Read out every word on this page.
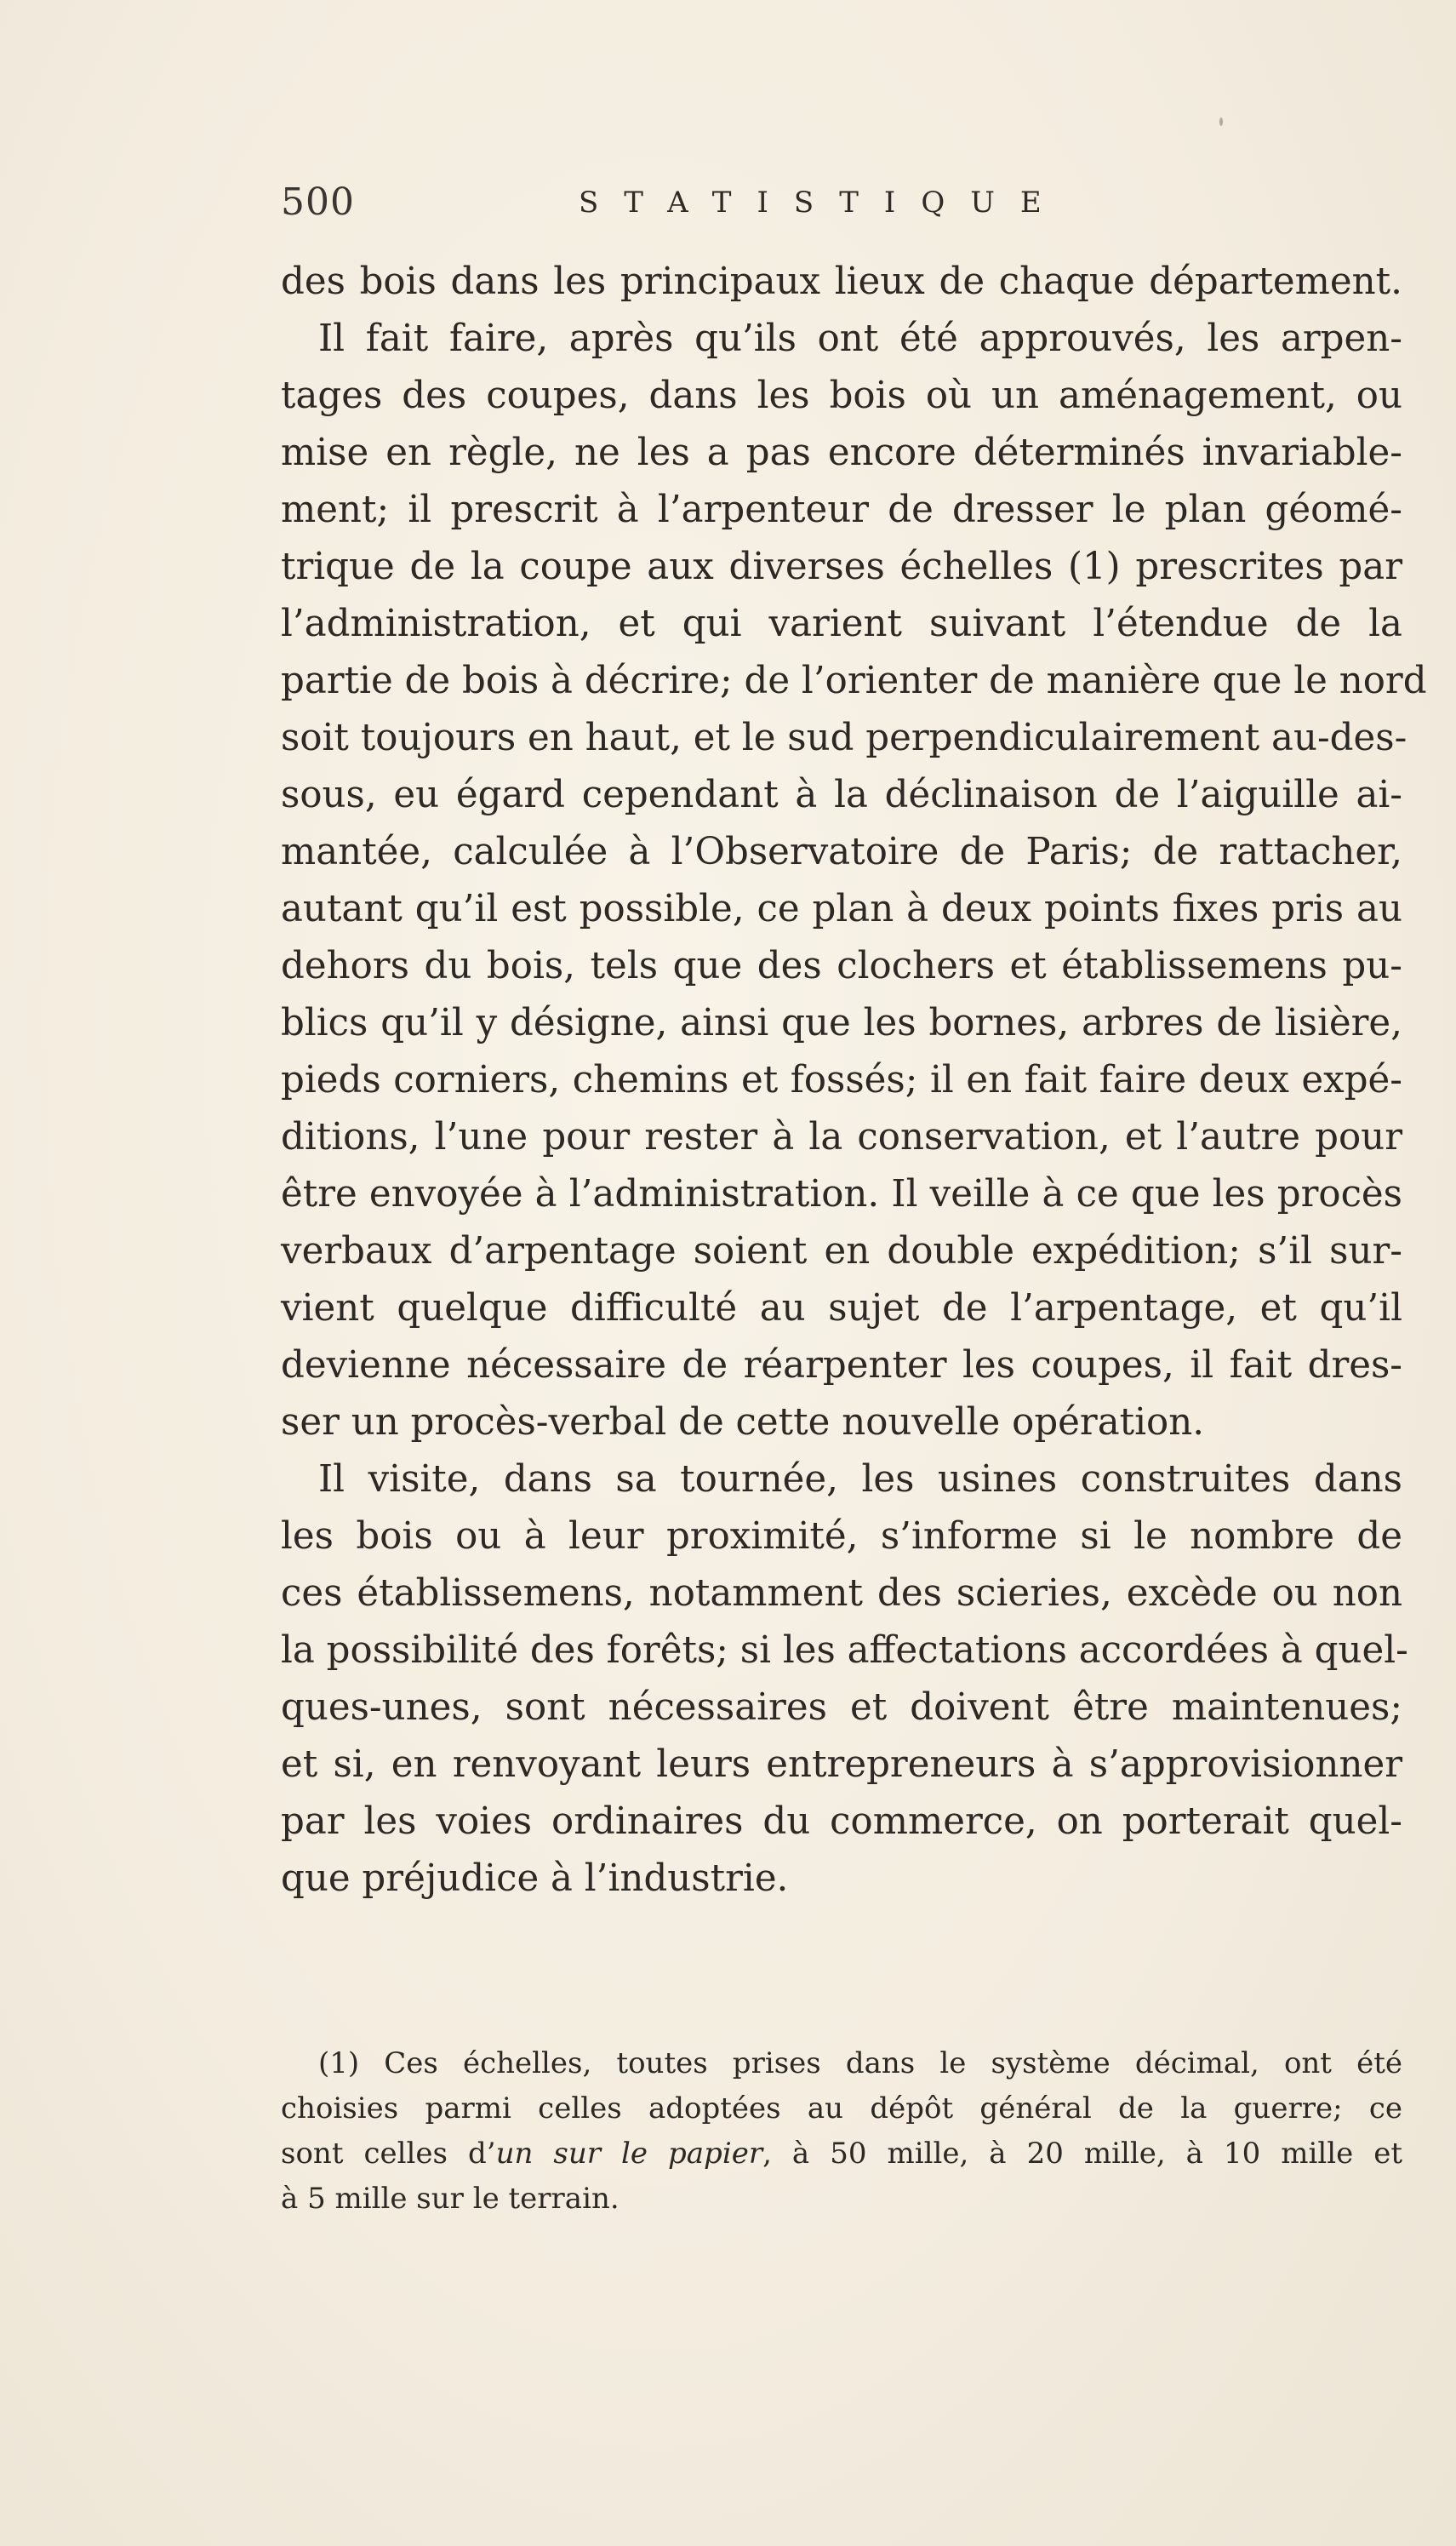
500	STATISTIQUE
des bois dans les principaux lieux de chaque département.
Il fait faire, après qu’ils ont été approuvés, les arpen-
tages des coupes, dans les bois où un aménagement, ou
mise en règle, ne les a pas encore déterminés invariable-
ment; il prescrit à l’arpenteur de dresser le plan géomé-
trique de la coupe aux diverses échelles (1) prescrites par
l’administration, et qui varient suivant l’étendue de la
partie de bois à décrire; de l’orienter de manière que le nord
soit toujours en haut, et le sud perpendiculairement au-des-
sous, eu égard cependant à la déclinaison de l’aiguille ai-
mantée, calculée à l’Observatoire de Paris; de rattacher,
autant qu’il est possible, ce plan à deux points fixes pris au
dehors du bois, tels que des clochers et établissemens pu-
blics qu’il y désigne, ainsi que les bornes, arbres de lisière,
pieds corniers, chemins et fossés; il en fait faire deux expé-
ditions, l’une pour rester à la conservation, et l’autre pour
être envoyée à l’administration. Il veille à ce que les procès
verbaux d’arpentage soient en double expédition; s’il sur-
vient quelque difficulté au sujet de l’arpentage, et qu’il
devienne nécessaire de réarpenter les coupes, il fait dres-
ser un procès-verbal de cette nouvelle opération.
Il visite, dans sa tournée, les usines construites dans
les bois ou à leur proximité, s’informe si le nombre de
ces établissemens, notamment des scieries, excède ou non
la possibilité des forêts; si les affectations accordées à quel-
ques-unes, sont nécessaires et doivent être maintenues;
et si, en renvoyant leurs entrepreneurs à s’approvisionner
par les voies ordinaires du commerce, on porterait quel-
que préjudice à l’industrie.
(1) Ces échelles, toutes prises dans le système décimal, ont été
choisies parmi celles adoptées au dépôt général de la guerre; ce
sont celles d’un sur le papier, à 50 mille, à 20 mille, à 10 mille et
à 5 mille sur le terrain.
